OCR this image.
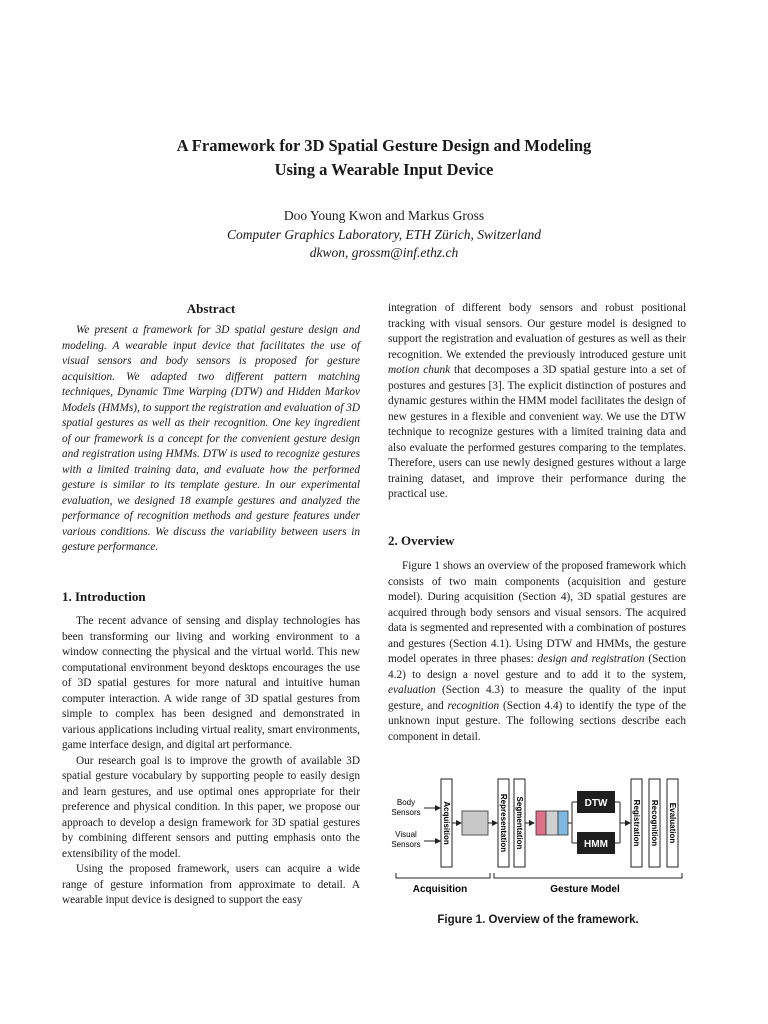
A Framework for 3D Spatial Gesture Design and Modeling
Using a Wearable Input Device
Doo Young Kwon and Markus Gross
Computer Graphics Laboratory, ETH Zürich, Switzerland
dkwon, grossm@inf.ethz.ch

Abstract

We present a framework for 3D spatial gesture design and modeling. A wearable input device that facilitates the use of visual sensors and body sensors is proposed for gesture acquisition. We adapted two different pattern matching techniques, Dynamic Time Warping (DTW) and Hidden Markov Models (HMMs), to support the registration and evaluation of 3D spatial gestures as well as their recognition. One key ingredient of our framework is a concept for the convenient gesture design and registration using HMMs. DTW is used to recognize gestures with a limited training data, and evaluate how the performed gesture is similar to its template gesture. In our experimental evaluation, we designed 18 example gestures and analyzed the performance of recognition methods and gesture features under various conditions. We discuss the variability between users in gesture performance.

1. Introduction

The recent advance of sensing and display technologies has been transforming our living and working environment to a window connecting the physical and the virtual world. This new computational environment beyond desktops encourages the use of 3D spatial gestures for more natural and intuitive human computer interaction. A wide range of 3D spatial gestures from simple to complex has been designed and demonstrated in various applications including virtual reality, smart environments, game interface design, and digital art performance.

Our research goal is to improve the growth of available 3D spatial gesture vocabulary by supporting people to easily design and learn gestures, and use optimal ones appropriate for their preference and physical condition. In this paper, we propose our approach to develop a design framework for 3D spatial gestures by combining different sensors and putting emphasis onto the extensibility of the model.

Using the proposed framework, users can acquire a wide range of gesture information from approximate to detail. A wearable input device is designed to support the easy

integration of different body sensors and robust positional tracking with visual sensors. Our gesture model is designed to support the registration and evaluation of gestures as well as their recognition. We extended the previously introduced gesture unit motion chunk that decomposes a 3D spatial gesture into a set of postures and gestures [3]. The explicit distinction of postures and dynamic gestures within the HMM model facilitates the design of new gestures in a flexible and convenient way. We use the DTW technique to recognize gestures with a limited training data and also evaluate the performed gestures comparing to the templates. Therefore, users can use newly designed gestures without a large training dataset, and improve their performance during the practical use.

2. Overview

Figure 1 shows an overview of the proposed framework which consists of two main components (acquisition and gesture model). During acquisition (Section 4), 3D spatial gestures are acquired through body sensors and visual sensors. The acquired data is segmented and represented with a combination of postures and gestures (Section 4.1). Using DTW and HMMs, the gesture model operates in three phases: design and registration (Section 4.2) to design a novel gesture and to add it to the system, evaluation (Section 4.3) to measure the quality of the input gesture, and recognition (Section 4.4) to identify the type of the unknown input gesture. The following sections describe each component in detail.

Body
Sensors
Visual
Sensors	Acquisition	Representation Segmentation	DTW
HMM	Registration Recognition Evaluation
Acquisition	Gesture Model
Figure 1. Overview of the framework.
